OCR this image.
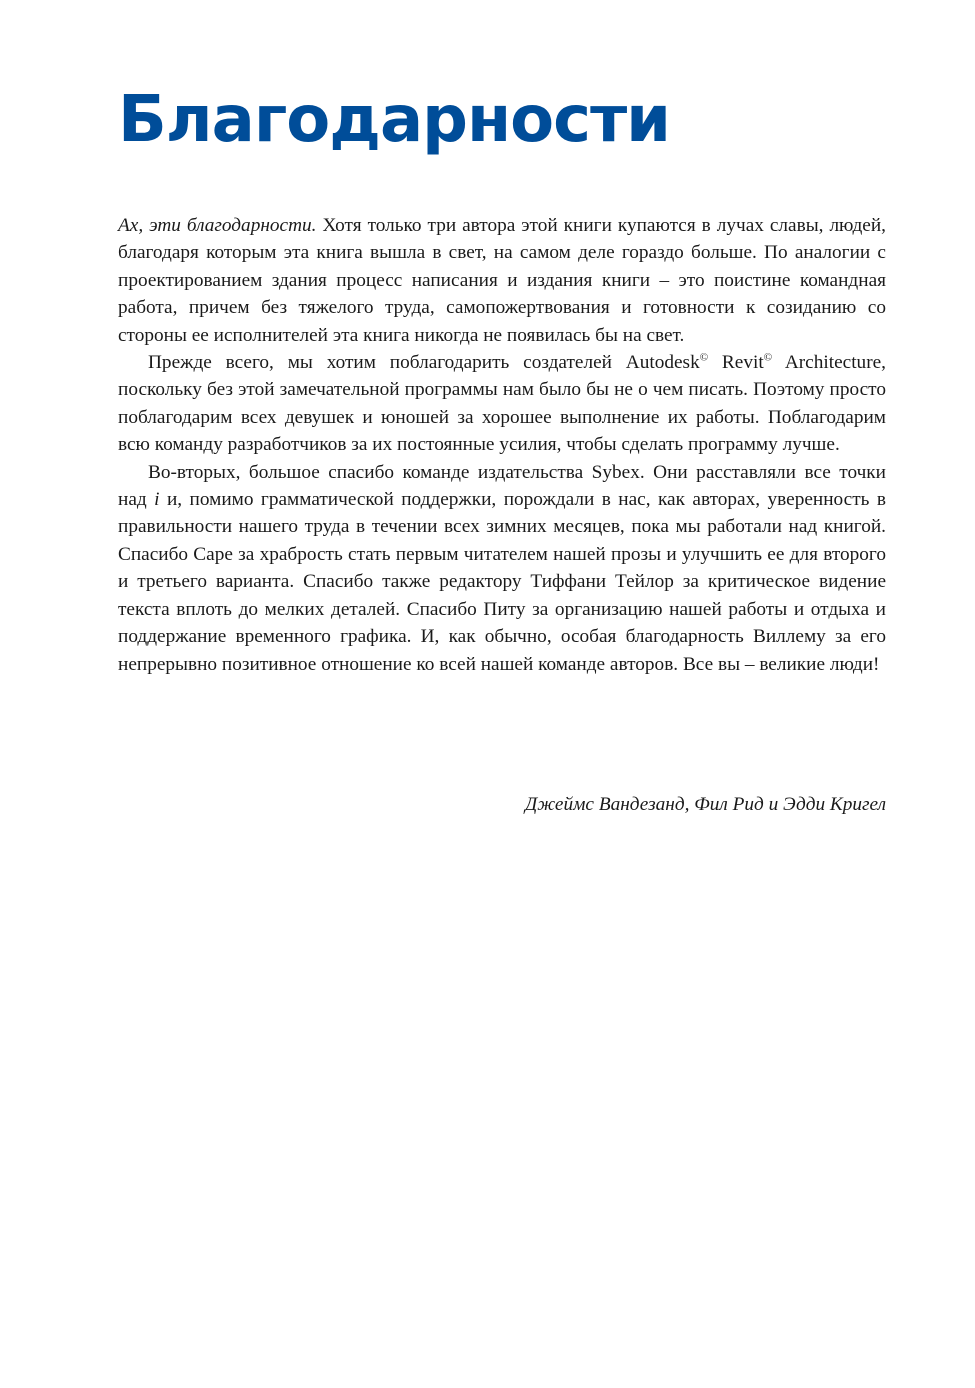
Благодарности

Ах, эти благодарности. Хотя только три автора этой книги купаются в лучах славы, людей, благодаря которым эта книга вышла в свет, на самом деле гораздо больше. По аналогии с проектированием здания процесс написания и издания книги – это поистине командная работа, причем без тяжелого труда, самопожертвования и готовности к созиданию со стороны ее исполнителей эта книга никогда не появилась бы на свет.

Прежде всего, мы хотим поблагодарить создателей Autodesk© Revit© Architecture, поскольку без этой замечательной программы нам было бы не о чем писать. Поэтому просто поблагодарим всех девушек и юношей за хорошее выполнение их работы. Поблагодарим всю команду разработчиков за их постоянные усилия, чтобы сделать программу лучше.

Во-вторых, большое спасибо команде издательства Sybex. Они расставляли все точки над i и, помимо грамматической поддержки, порождали в нас, как авторах, уверенность в правильности нашего труда в течении всех зимних месяцев, пока мы работали над книгой. Спасибо Саре за храбрость стать первым читателем нашей прозы и улучшить ее для второго и третьего варианта. Спасибо также редактору Тиффани Тейлор за критическое видение текста вплоть до мелких деталей. Спасибо Питу за организацию нашей работы и отдыха и поддержание временного графика. И, как обычно, особая благодарность Виллему за его непрерывно позитивное отношение ко всей нашей команде авторов. Все вы – великие люди!

Джеймс Вандезанд, Фил Рид и Эдди Кригел
